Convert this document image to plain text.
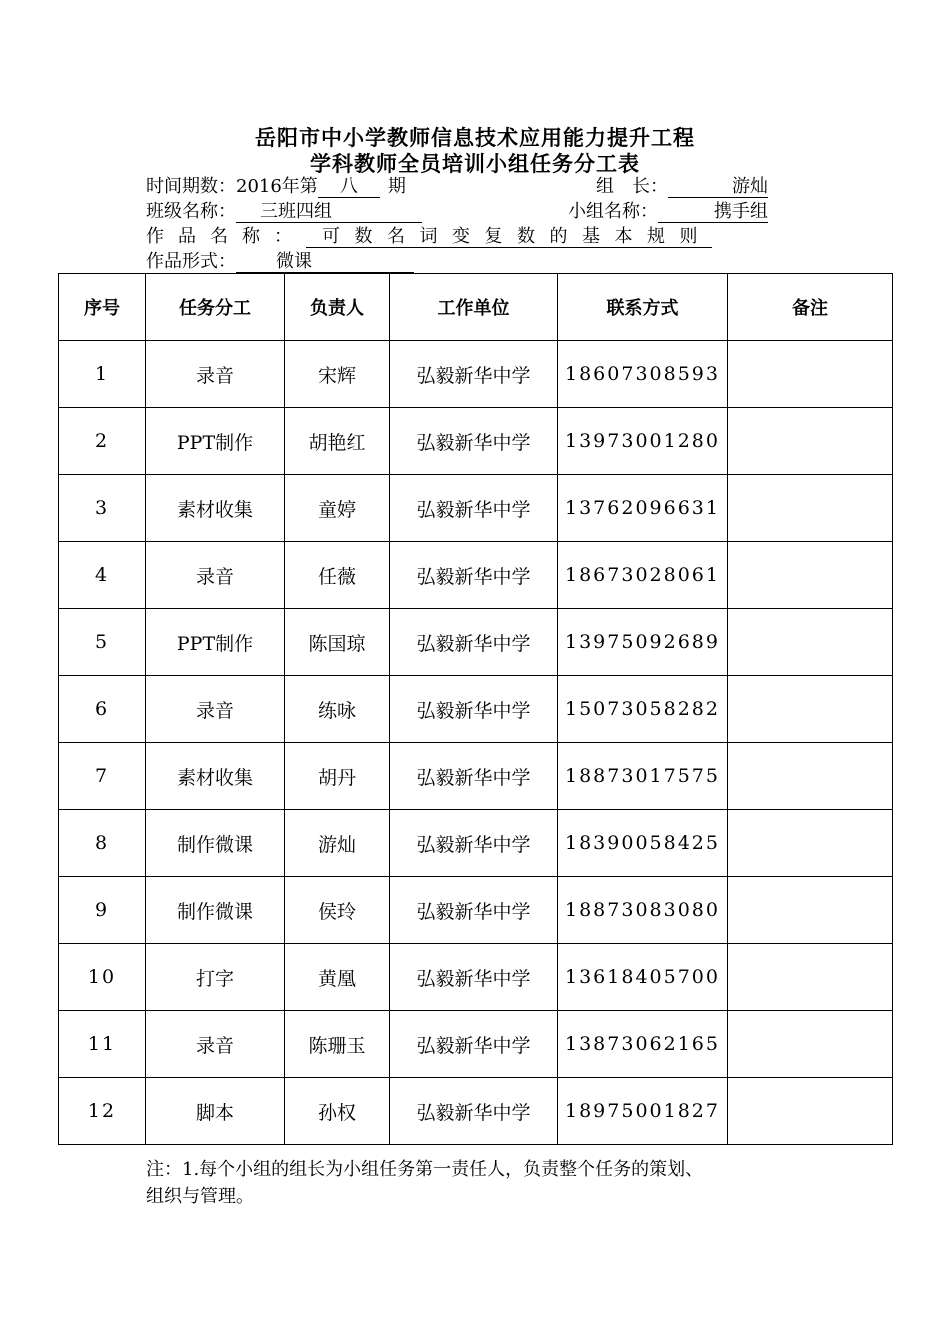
岳阳市中小学教师信息技术应用能力提升工程
学科教师全员培训小组任务分工表
时间期数：2016年第 八 期	组　长：	游灿
班级名称： 三班四组	小组名称：	携手组
作品名称： 可数名词变复数的基本规则
作品形式： 微课
序号	任务分工	负责人	工作单位	联系方式	备注
1	录音	宋辉	弘毅新华中学	18607308593	
2	PPT制作	胡艳红	弘毅新华中学	13973001280	
3	素材收集	童婷	弘毅新华中学	13762096631	
4	录音	任薇	弘毅新华中学	18673028061	
5	PPT制作	陈国琼	弘毅新华中学	13975092689	
6	录音	练咏	弘毅新华中学	15073058282	
7	素材收集	胡丹	弘毅新华中学	18873017575	
8	制作微课	游灿	弘毅新华中学	18390058425	
9	制作微课	侯玲	弘毅新华中学	18873083080	
10	打字	黄凰	弘毅新华中学	13618405700	
11	录音	陈珊玉	弘毅新华中学	13873062165	
12	脚本	孙权	弘毅新华中学	18975001827	
注：1.每个小组的组长为小组任务第一责任人，负责整个任务的策划、
组织与管理。
